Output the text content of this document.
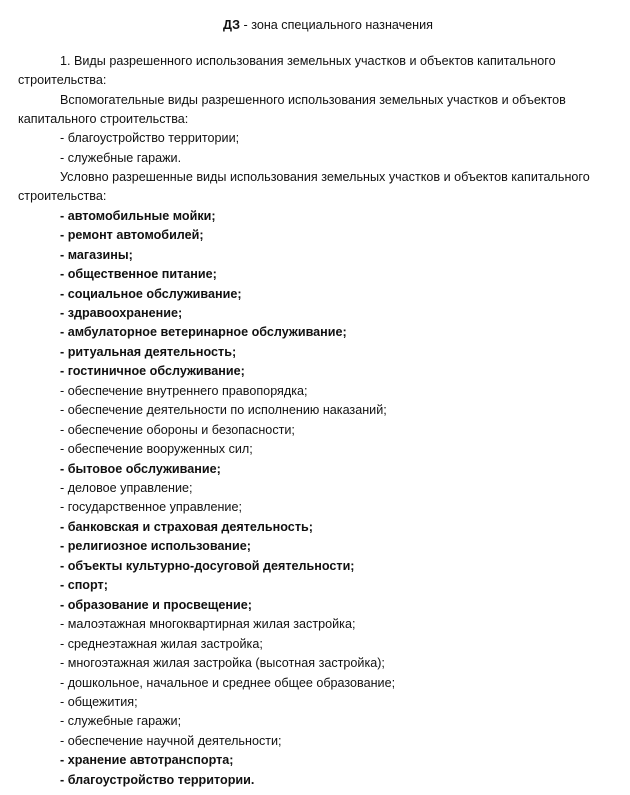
ДЗ - зона специального назначения

1. Виды разрешенного использования земельных участков и объектов капитального строительства:

Вспомогательные виды разрешенного использования земельных участков и объектов капитального строительства:

- благоустройство территории;
- служебные гаражи.

Условно разрешенные виды использования земельных участков и объектов капитального строительства:

- автомобильные мойки;
- ремонт автомобилей;
- магазины;
- общественное питание;
- социальное обслуживание;
- здравоохранение;
- амбулаторное ветеринарное обслуживание;
- ритуальная деятельность;
- гостиничное обслуживание;
- обеспечение внутреннего правопорядка;
- обеспечение деятельности по исполнению наказаний;
- обеспечение обороны и безопасности;
- обеспечение вооруженных сил;
- бытовое обслуживание;
- деловое управление;
- государственное управление;
- банковская и страховая деятельность;
- религиозное использование;
- объекты культурно-досуговой деятельности;
- спорт;
- образование и просвещение;
- малоэтажная многоквартирная жилая застройка;
- среднеэтажная жилая застройка;
- многоэтажная жилая застройка (высотная застройка);
- дошкольное, начальное и среднее общее образование;
- общежития;
- служебные гаражи;
- обеспечение научной деятельности;
- хранение автотранспорта;
- благоустройство территории.
